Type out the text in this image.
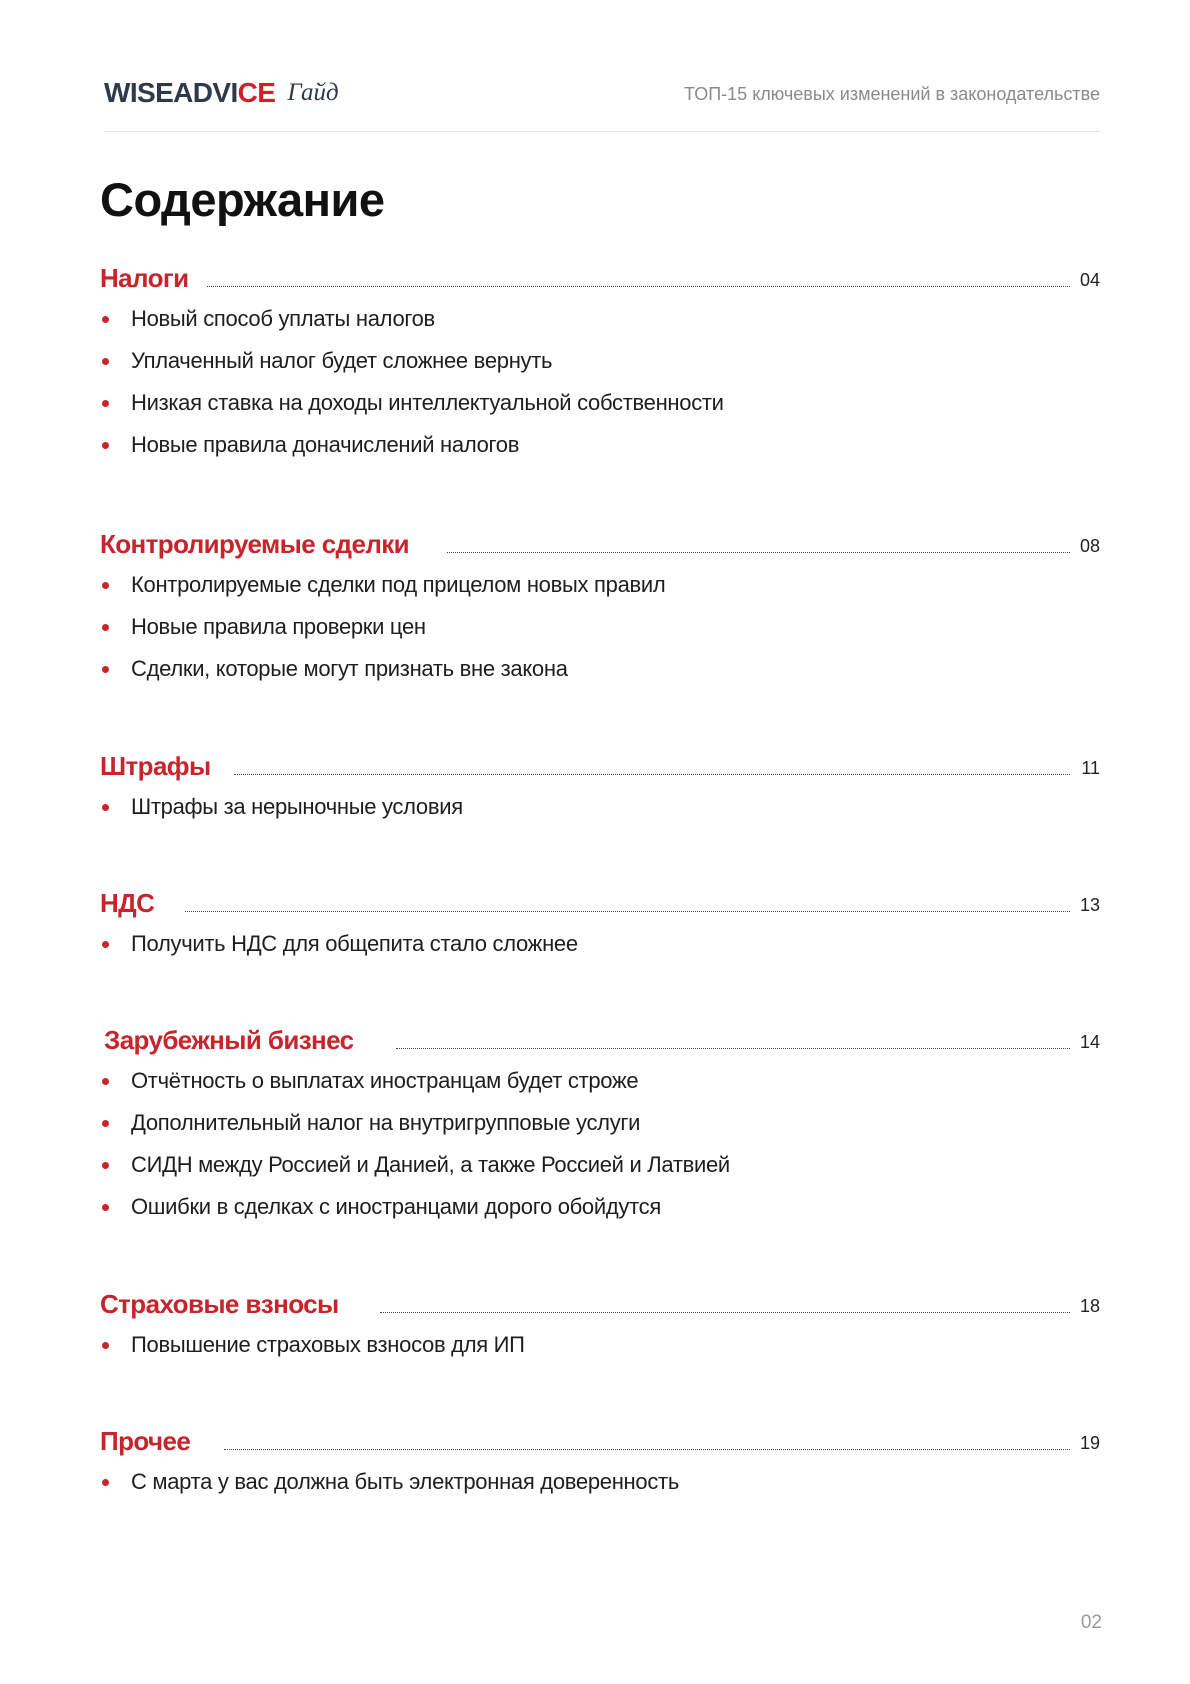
WISEADVICE Гайд	ТОП-15 ключевых изменений в законодательстве
Содержание
Налоги	04
Новый способ уплаты налогов
Уплаченный налог будет сложнее вернуть
Низкая ставка на доходы интеллектуальной собственности
Новые правила доначислений налогов
Контролируемые сделки	08
Контролируемые сделки под прицелом новых правил
Новые правила проверки цен
Сделки, которые могут признать вне закона
Штрафы	11
Штрафы за нерыночные условия
НДС	13
Получить НДС для общепита стало сложнее
Зарубежный бизнес	14
Отчётность о выплатах иностранцам будет строже
Дополнительный налог на внутригрупповые услуги
СИДН между Россией и Данией, а также Россией и Латвией
Ошибки в сделках с иностранцами дорого обойдутся
Страховые взносы	18
Повышение страховых взносов для ИП
Прочее	19
С марта у вас должна быть электронная доверенность
02
